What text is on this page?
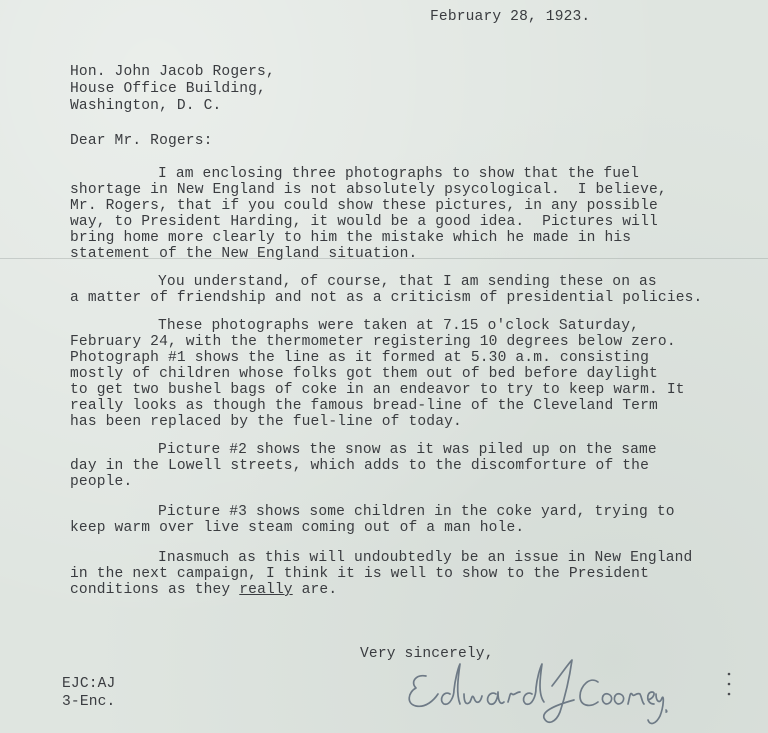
February 28, 1923.
Hon. John Jacob Rogers,
House Office Building,
Washington, D. C.
Dear Mr. Rogers:
I am enclosing three photographs to show that the fuel
shortage in New England is not absolutely psycological.  I believe,
Mr. Rogers, that if you could show these pictures, in any possible
way, to President Harding, it would be a good idea.  Pictures will
bring home more clearly to him the mistake which he made in his
statement of the New England situation.
You understand, of course, that I am sending these on as
a matter of friendship and not as a criticism of presidential policies.
These photographs were taken at 7.15 o'clock Saturday,
February 24, with the thermometer registering 10 degrees below zero.
Photograph #1 shows the line as it formed at 5.30 a.m. consisting
mostly of children whose folks got them out of bed before daylight
to get two bushel bags of coke in an endeavor to try to keep warm. It
really looks as though the famous bread-line of the Cleveland Term
has been replaced by the fuel-line of today.
Picture #2 shows the snow as it was piled up on the same
day in the Lowell streets, which adds to the discomforture of the
people.
Picture #3 shows some children in the coke yard, trying to
keep warm over live steam coming out of a man hole.
Inasmuch as this will undoubtedly be an issue in New England
in the next campaign, I think it is well to show to the President
conditions as they really are.
Very sincerely,
EJC:AJ
3-Enc.
